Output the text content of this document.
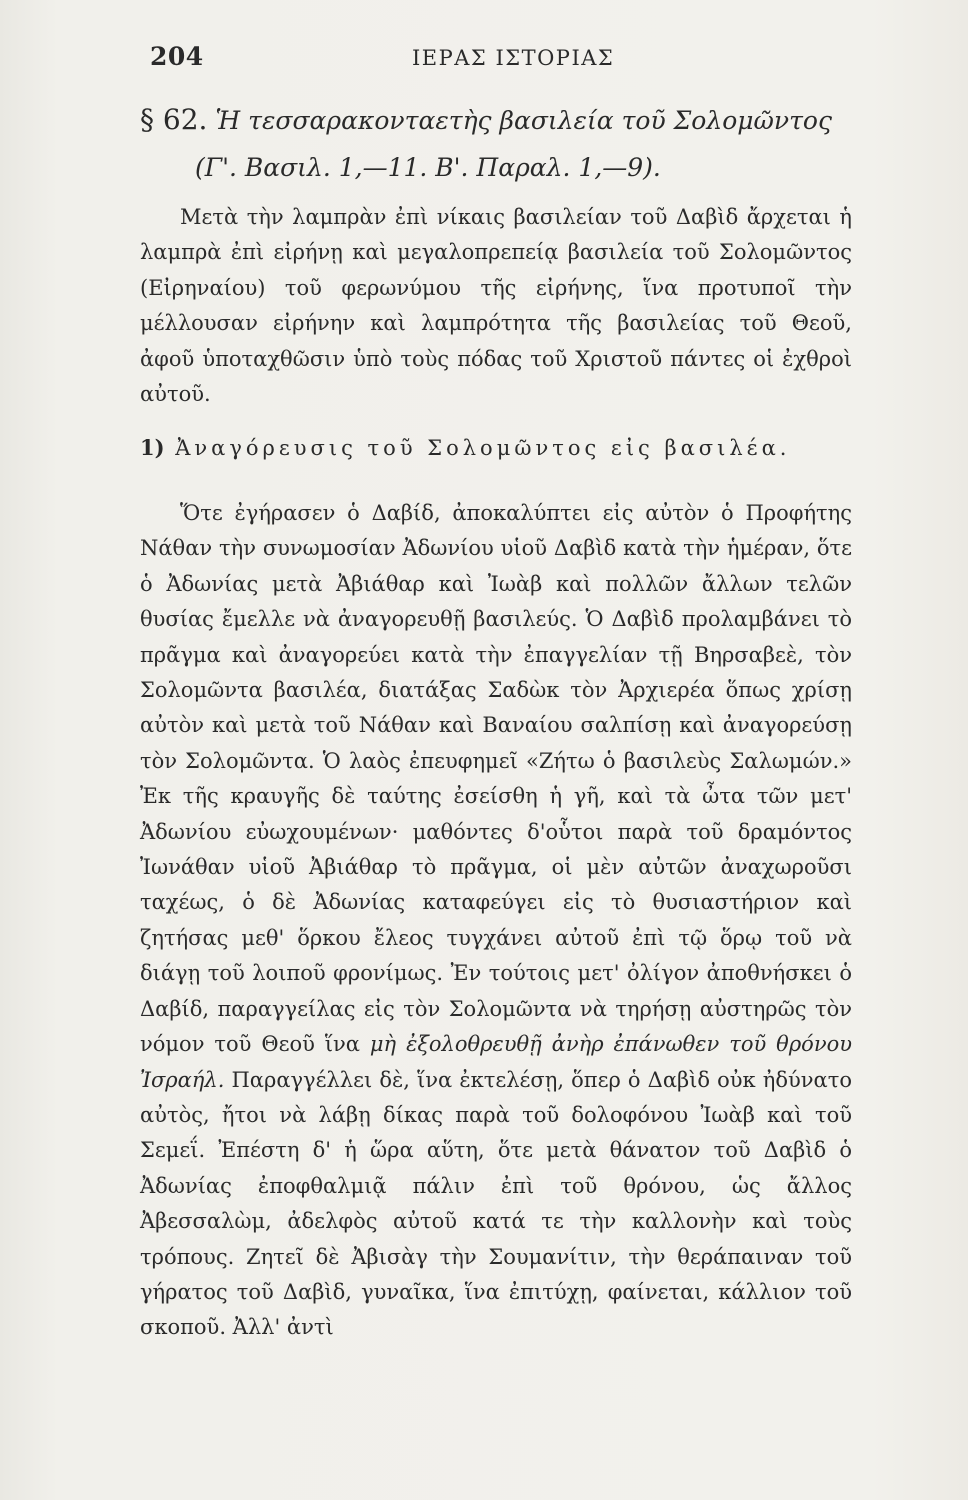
204	ΙΕΡΑΣ ΙΣΤΟΡΙΑΣ
§ 62. Ἡ τεσσαρακονταετὴς βασιλεία τοῦ Σολομῶντος
(Γ'. Βασιλ. 1,—11. Β'. Παραλ. 1,—9).

Μετὰ τὴν λαμπρὰν ἐπὶ νίκαις βασιλείαν τοῦ Δαβὶδ ἄρχεται ἡ λαμπρὰ ἐπὶ εἰρήνῃ καὶ μεγαλοπρεπείᾳ βασιλεία τοῦ Σολομῶντος (Εἰρηναίου) τοῦ φερωνύμου τῆς εἰρήνης, ἵνα προτυποῖ τὴν μέλλουσαν εἰρήνην καὶ λαμπρότητα τῆς βασιλείας τοῦ Θεοῦ, ἀφοῦ ὑποταχθῶσιν ὑπὸ τοὺς πόδας τοῦ Χριστοῦ πάντες οἱ ἐχθροὶ αὐτοῦ.

1) Ἀναγόρευσις τοῦ Σολομῶντος εἰς βασιλέα.

Ὅτε ἐγήρασεν ὁ Δαβίδ, ἀποκαλύπτει εἰς αὐτὸν ὁ Προφήτης Νάθαν τὴν συνωμοσίαν Ἀδωνίου υἱοῦ Δαβὶδ κατὰ τὴν ἡμέραν, ὅτε ὁ Ἀδωνίας μετὰ Ἀβιάθαρ καὶ Ἰωὰβ καὶ πολλῶν ἄλλων τελῶν θυσίας ἔμελλε νὰ ἀναγορευθῇ βασιλεύς. Ὁ Δαβὶδ προλαμβάνει τὸ πρᾶγμα καὶ ἀναγορεύει κατὰ τὴν ἐπαγγελίαν τῇ Βηρσαβεὲ, τὸν Σολομῶντα βασιλέα, διατάξας Σαδὼκ τὸν Ἀρχιερέα ὅπως χρίσῃ αὐτὸν καὶ μετὰ τοῦ Νάθαν καὶ Βαναίου σαλπίσῃ καὶ ἀναγορεύσῃ τὸν Σολομῶντα. Ὁ λαὸς ἐπευφημεῖ «Ζήτω ὁ βασιλεὺς Σαλωμών.» Ἐκ τῆς κραυγῆς δὲ ταύτης ἐσείσθη ἡ γῆ, καὶ τὰ ὦτα τῶν μετ' Ἀδωνίου εὐωχουμένων· μαθόντες δ'οὗτοι παρὰ τοῦ δραμόντος Ἰωνάθαν υἱοῦ Ἀβιάθαρ τὸ πρᾶγμα, οἱ μὲν αὐτῶν ἀναχωροῦσι ταχέως, ὁ δὲ Ἀδωνίας καταφεύγει εἰς τὸ θυσιαστήριον καὶ ζητήσας μεθ' ὅρκου ἔλεος τυγχάνει αὐτοῦ ἐπὶ τῷ ὅρῳ τοῦ νὰ διάγῃ τοῦ λοιποῦ φρονίμως. Ἐν τούτοις μετ' ὀλίγον ἀποθνήσκει ὁ Δαβίδ, παραγγείλας εἰς τὸν Σολομῶντα νὰ τηρήσῃ αὐστηρῶς τὸν νόμον τοῦ Θεοῦ ἵνα μὴ ἐξολοθρευθῇ ἀνὴρ ἐπάνωθεν τοῦ θρόνου Ἰσραήλ. Παραγγέλλει δὲ, ἵνα ἐκτελέσῃ, ὅπερ ὁ Δαβὶδ οὐκ ἠδύνατο αὐτὸς, ἤτοι νὰ λάβῃ δίκας παρὰ τοῦ δολοφόνου Ἰωὰβ καὶ τοῦ Σεμεΐ. Ἐπέστη δ' ἡ ὥρα αὕτη, ὅτε μετὰ θάνατον τοῦ Δαβὶδ ὁ Ἀδωνίας ἐποφθαλμιᾷ πάλιν ἐπὶ τοῦ θρόνου, ὡς ἄλλος Ἀβεσσαλὼμ, ἀδελφὸς αὐτοῦ κατά τε τὴν καλλονὴν καὶ τοὺς τρόπους. Ζητεῖ δὲ Ἀβισὰγ τὴν Σουμανίτιν, τὴν θεράπαιναν τοῦ γήρατος τοῦ Δαβὶδ, γυναῖκα, ἵνα ἐπιτύχῃ, φαίνεται, κάλλιον τοῦ σκοποῦ. Ἀλλ' ἀντὶ
